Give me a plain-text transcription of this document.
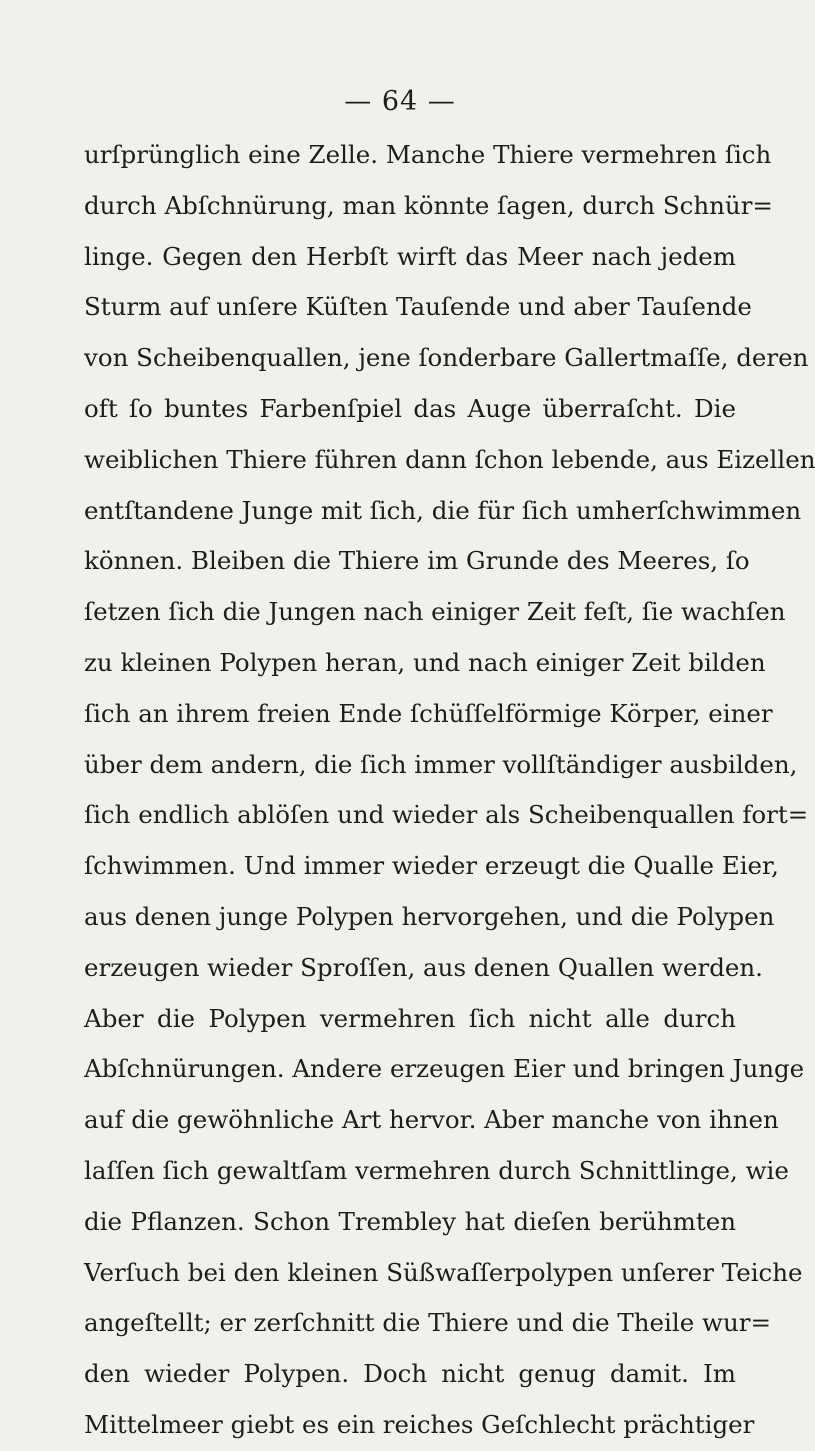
— 64 —
urſprünglich eine Zelle. Manche Thiere vermehren ſich
durch Abſchnürung, man könnte ſagen, durch Schnür=
linge. Gegen den Herbſt wirft das Meer nach jedem
Sturm auf unſere Küſten Tauſende und aber Tauſende
von Scheibenquallen, jene ſonderbare Gallertmaſſe, deren
oft ſo buntes Farbenſpiel das Auge überraſcht. Die
weiblichen Thiere führen dann ſchon lebende, aus Eizellen
entſtandene Junge mit ſich, die für ſich umherſchwimmen
können. Bleiben die Thiere im Grunde des Meeres, ſo
ſetzen ſich die Jungen nach einiger Zeit feſt, ſie wachſen
zu kleinen Polypen heran, und nach einiger Zeit bilden
ſich an ihrem freien Ende ſchüſſelförmige Körper, einer
über dem andern, die ſich immer vollſtändiger ausbilden,
ſich endlich ablöſen und wieder als Scheibenquallen fort=
ſchwimmen. Und immer wieder erzeugt die Qualle Eier,
aus denen junge Polypen hervorgehen, und die Polypen
erzeugen wieder Sproſſen, aus denen Quallen werden.
Aber die Polypen vermehren ſich nicht alle durch
Abſchnürungen. Andere erzeugen Eier und bringen Junge
auf die gewöhnliche Art hervor. Aber manche von ihnen
laſſen ſich gewaltſam vermehren durch Schnittlinge, wie
die Pflanzen. Schon Trembley hat dieſen berühmten
Verſuch bei den kleinen Süßwaſſerpolypen unſerer Teiche
angeſtellt; er zerſchnitt die Thiere und die Theile wur=
den wieder Polypen. Doch nicht genug damit. Im
Mittelmeer giebt es ein reiches Geſchlecht prächtiger
